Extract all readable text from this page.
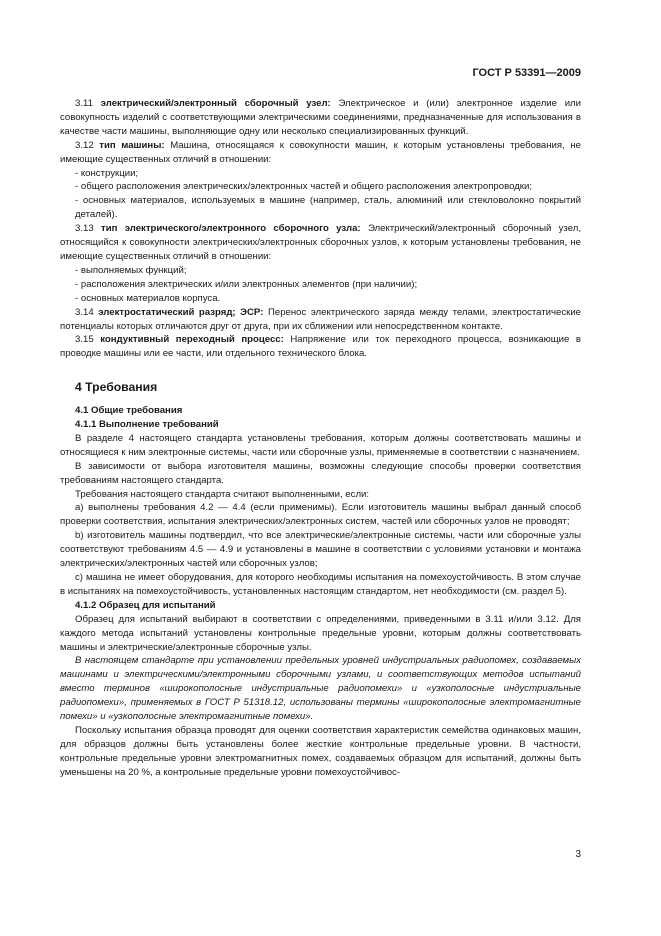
ГОСТ Р 53391—2009

3.11 электрический/электронный сборочный узел: Электрическое и (или) электронное изделие или совокупность изделий с соответствующими электрическими соединениями, предназначенные для использования в качестве части машины, выполняющие одну или несколько специализированных функций.

3.12 тип машины: Машина, относящаяся к совокупности машин, к которым установлены требования, не имеющие существенных отличий в отношении:

- конструкции;

- общего расположения электрических/электронных частей и общего расположения электропроводки;

- основных материалов, используемых в машине (например, сталь, алюминий или стекловолокно покрытий деталей).

3.13 тип электрического/электронного сборочного узла: Электрический/электронный сборочный узел, относящийся к совокупности электрических/электронных сборочных узлов, к которым установлены требования, не имеющие существенных отличий в отношении:

- выполняемых функций;

- расположения электрических и/или электронных элементов (при наличии);

- основных материалов корпуса.

3.14 электростатический разряд; ЭСР: Перенос электрического заряда между телами, электростатические потенциалы которых отличаются друг от друга, при их сближении или непосредственном контакте.

3.15 кондуктивный переходный процесс: Напряжение или ток переходного процесса, возникающие в проводке машины или ее части, или отдельного технического блока.

4 Требования

4.1 Общие требования

4.1.1 Выполнение требований

В разделе 4 настоящего стандарта установлены требования, которым должны соответствовать машины и относящиеся к ним электронные системы, части или сборочные узлы, применяемые в соответствии с назначением.

В зависимости от выбора изготовителя машины, возможны следующие способы проверки соответствия требованиям настоящего стандарта.

Требования настоящего стандарта считают выполненными, если:

а) выполнены требования 4.2 — 4.4 (если применимы). Если изготовитель машины выбрал данный способ проверки соответствия, испытания электрических/электронных систем, частей или сборочных узлов не проводят;

b) изготовитель машины подтвердил, что все электрические/электронные системы, части или сборочные узлы соответствуют требованиям 4.5 — 4.9 и установлены в машине в соответствии с условиями установки и монтажа электрических/электронных частей или сборочных узлов;

с) машина не имеет оборудования, для которого необходимы испытания на помехоустойчивость. В этом случае в испытаниях на помехоустойчивость, установленных настоящим стандартом, нет необходимости (см. раздел 5).

4.1.2 Образец для испытаний

Образец для испытаний выбирают в соответствии с определениями, приведенными в 3.11 и/или 3.12. Для каждого метода испытаний установлены контрольные предельные уровни, которым должны соответствовать машины и электрические/электронные сборочные узлы.

В настоящем стандарте при установлении предельных уровней индустриальных радиопомех, создаваемых машинами и электрическими/электронными сборочными узлами, и соответствующих методов испытаний вместо терминов «широкополосные индустриальные радиопомехи» и «узкополосные индустриальные радиопомехи», применяемых в ГОСТ Р 51318.12, использованы термины «широкополосные электромагнитные помехи» и «узкополосные электромагнитные помехи».

Поскольку испытания образца проводят для оценки соответствия характеристик семейства одинаковых машин, для образцов должны быть установлены более жесткие контрольные предельные уровни. В частности, контрольные предельные уровни электромагнитных помех, создаваемых образцом для испытаний, должны быть уменьшены на 20 %, а контрольные предельные уровни помехоустойчивос-

3
